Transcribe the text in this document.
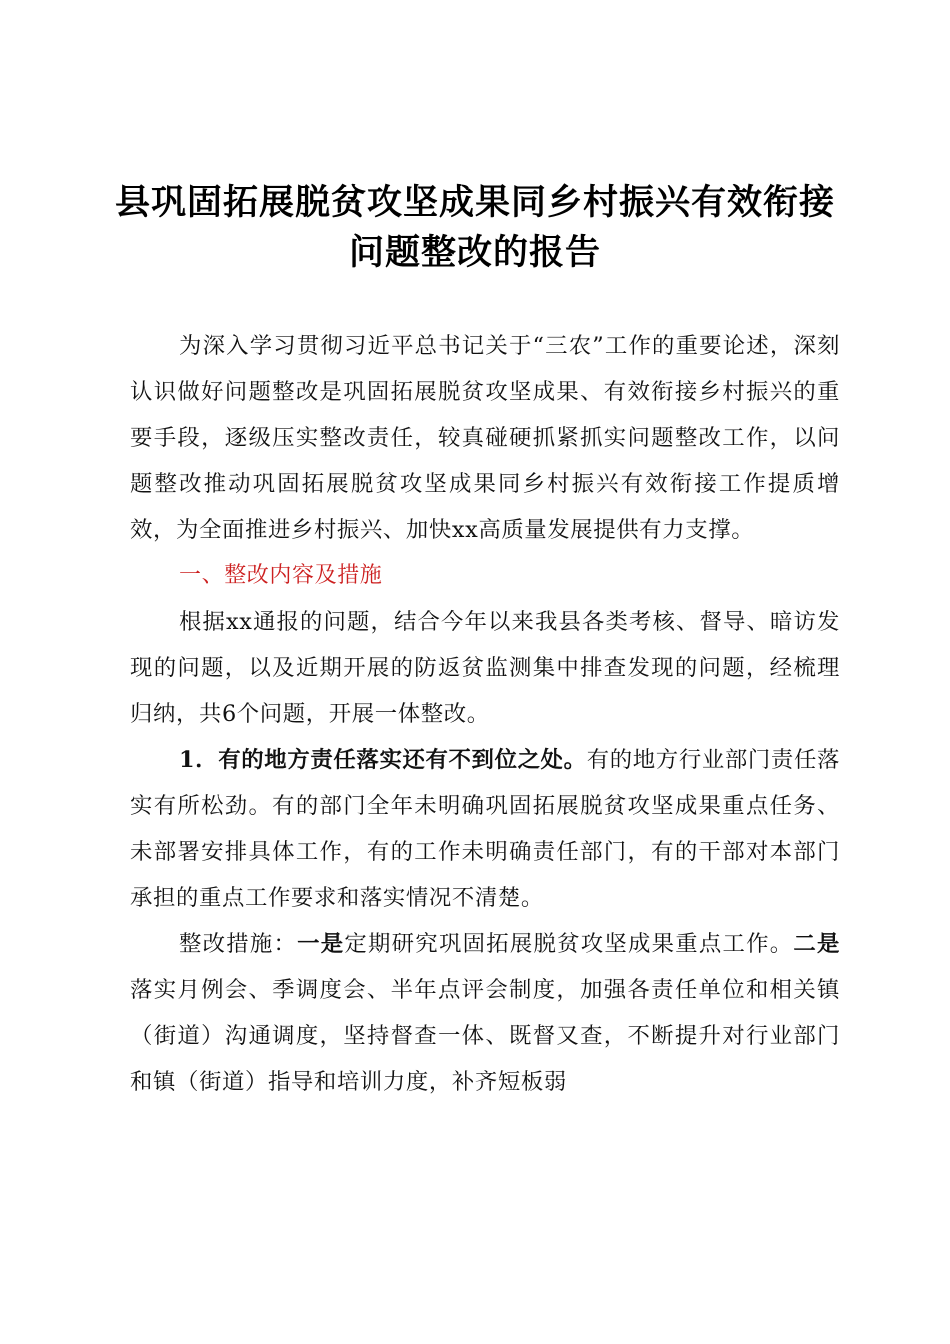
县巩固拓展脱贫攻坚成果同乡村振兴有效衔接
问题整改的报告

为深入学习贯彻习近平总书记关于“三农”工作的重要论述，深刻认识做好问题整改是巩固拓展脱贫攻坚成果、有效衔接乡村振兴的重要手段，逐级压实整改责任，较真碰硬抓紧抓实问题整改工作，以问题整改推动巩固拓展脱贫攻坚成果同乡村振兴有效衔接工作提质增效，为全面推进乡村振兴、加快xx高质量发展提供有力支撑。

一、整改内容及措施

根据xx通报的问题，结合今年以来我县各类考核、督导、暗访发现的问题，以及近期开展的防返贫监测集中排查发现的问题，经梳理归纳，共6个问题，开展一体整改。

1．有的地方责任落实还有不到位之处。有的地方行业部门责任落实有所松劲。有的部门全年未明确巩固拓展脱贫攻坚成果重点任务、未部署安排具体工作，有的工作未明确责任部门，有的干部对本部门承担的重点工作要求和落实情况不清楚。

整改措施：一是定期研究巩固拓展脱贫攻坚成果重点工作。二是落实月例会、季调度会、半年点评会制度，加强各责任单位和相关镇（街道）沟通调度，坚持督查一体、既督又查，不断提升对行业部门和镇（街道）指导和培训力度，补齐短板弱
